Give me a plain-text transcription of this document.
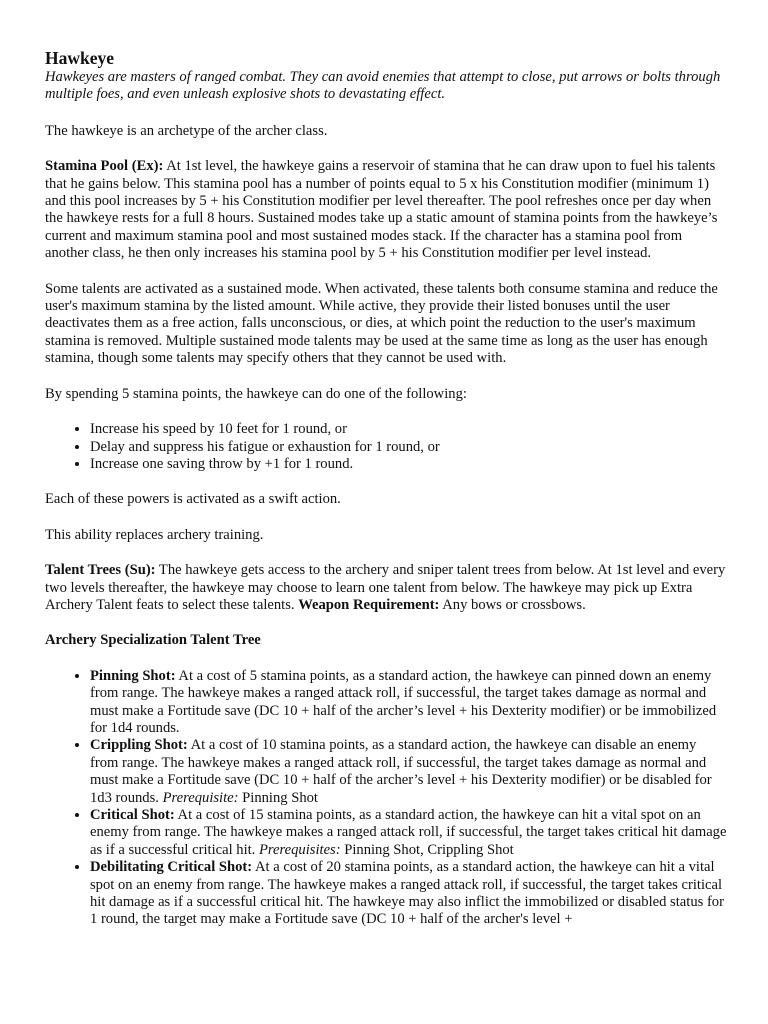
Hawkeye
Hawkeyes are masters of ranged combat. They can avoid enemies that attempt to close, put arrows or bolts through multiple foes, and even unleash explosive shots to devastating effect.

The hawkeye is an archetype of the archer class.

Stamina Pool (Ex): At 1st level, the hawkeye gains a reservoir of stamina that he can draw upon to fuel his talents that he gains below. This stamina pool has a number of points equal to 5 x his Constitution modifier (minimum 1) and this pool increases by 5 + his Constitution modifier per level thereafter. The pool refreshes once per day when the hawkeye rests for a full 8 hours. Sustained modes take up a static amount of stamina points from the hawkeye’s current and maximum stamina pool and most sustained modes stack. If the character has a stamina pool from another class, he then only increases his stamina pool by 5 + his Constitution modifier per level instead.

Some talents are activated as a sustained mode. When activated, these talents both consume stamina and reduce the user's maximum stamina by the listed amount. While active, they provide their listed bonuses until the user deactivates them as a free action, falls unconscious, or dies, at which point the reduction to the user's maximum stamina is removed. Multiple sustained mode talents may be used at the same time as long as the user has enough stamina, though some talents may specify others that they cannot be used with.

By spending 5 stamina points, the hawkeye can do one of the following:

• Increase his speed by 10 feet for 1 round, or
• Delay and suppress his fatigue or exhaustion for 1 round, or
• Increase one saving throw by +1 for 1 round.

Each of these powers is activated as a swift action.

This ability replaces archery training.

Talent Trees (Su): The hawkeye gets access to the archery and sniper talent trees from below. At 1st level and every two levels thereafter, the hawkeye may choose to learn one talent from below. The hawkeye may pick up Extra Archery Talent feats to select these talents. Weapon Requirement: Any bows or crossbows.

Archery Specialization Talent Tree
• Pinning Shot: At a cost of 5 stamina points, as a standard action, the hawkeye can pinned down an enemy from range. The hawkeye makes a ranged attack roll, if successful, the target takes damage as normal and must make a Fortitude save (DC 10 + half of the archer’s level + his Dexterity modifier) or be immobilized for 1d4 rounds.
• Crippling Shot: At a cost of 10 stamina points, as a standard action, the hawkeye can disable an enemy from range. The hawkeye makes a ranged attack roll, if successful, the target takes damage as normal and must make a Fortitude save (DC 10 + half of the archer’s level + his Dexterity modifier) or be disabled for 1d3 rounds. Prerequisite: Pinning Shot
• Critical Shot: At a cost of 15 stamina points, as a standard action, the hawkeye can hit a vital spot on an enemy from range. The hawkeye makes a ranged attack roll, if successful, the target takes critical hit damage as if a successful critical hit. Prerequisites: Pinning Shot, Crippling Shot
• Debilitating Critical Shot: At a cost of 20 stamina points, as a standard action, the hawkeye can hit a vital spot on an enemy from range. The hawkeye makes a ranged attack roll, if successful, the target takes critical hit damage as if a successful critical hit. The hawkeye may also inflict the immobilized or disabled status for 1 round, the target may make a Fortitude save (DC 10 + half of the archer's level +
